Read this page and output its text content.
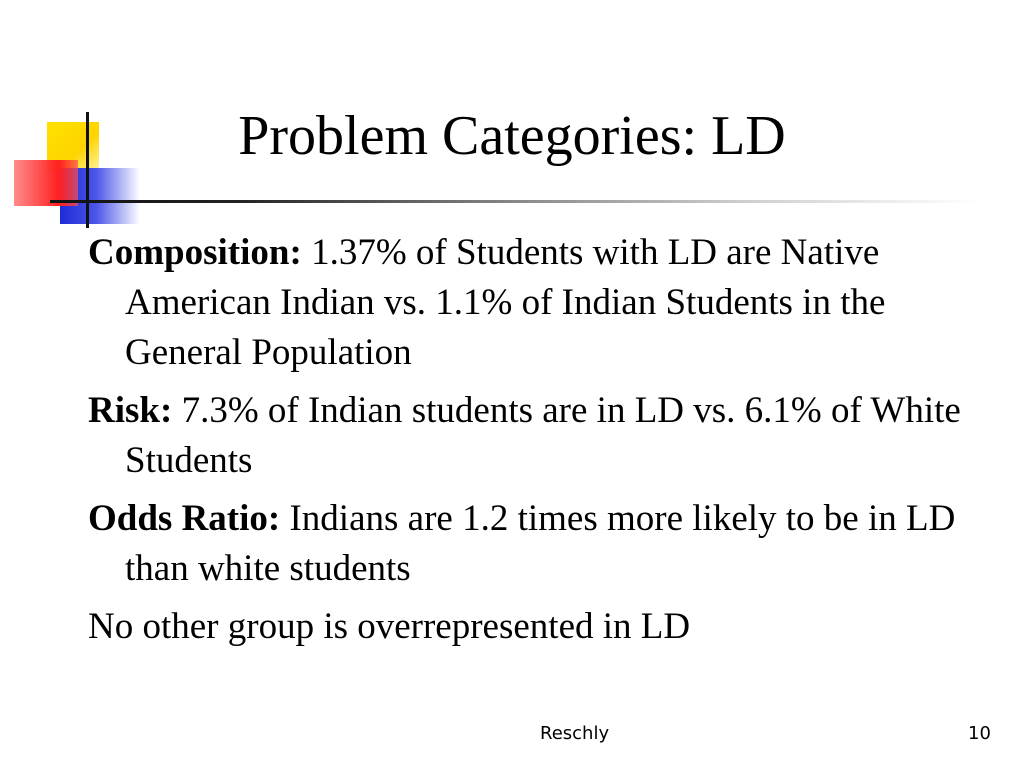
Problem Categories: LD

Composition: 1.37% of Students with LD are Native American Indian vs. 1.1% of Indian Students in the General Population

Risk: 7.3% of Indian students are in LD vs. 6.1% of White Students

Odds Ratio: Indians are 1.2 times more likely to be in LD than white students

No other group is overrepresented in LD

Reschly	10
